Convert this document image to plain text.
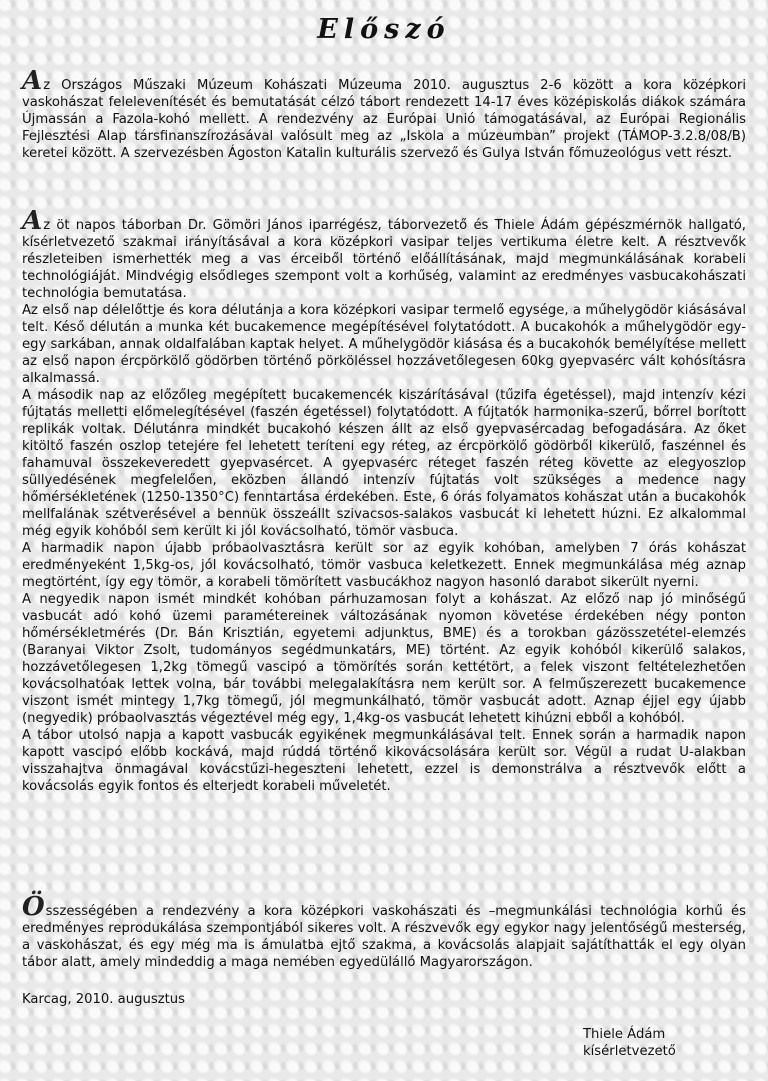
Előszó

Az Országos Műszaki Múzeum Kohászati Múzeuma 2010. augusztus 2-6 között a kora középkori vaskohászat felelevenítését és bemutatását célzó tábort rendezett 14-17 éves középiskolás diákok számára Újmassán a Fazola-kohó mellett. A rendezvény az Európai Unió támogatásával, az Európai Regionális Fejlesztési Alap társfinanszírozásával valósult meg az „Iskola a múzeumban” projekt (TÁMOP-3.2.8/08/B) keretei között. A szervezésben Ágoston Katalin kulturális szervező és Gulya István főmuzeológus vett részt.

Az öt napos táborban Dr. Gömöri János iparrégész, táborvezető és Thiele Ádám gépészmérnök hallgató, kísérletvezető szakmai irányításával a kora középkori vasipar teljes vertikuma életre kelt. A résztvevők részleteiben ismerhették meg a vas érceiből történő előállításának, majd megmunkálásának korabeli technológiáját. Mindvégig elsődleges szempont volt a korhűség, valamint az eredményes vasbucakohászati technológia bemutatása.

Az első nap délelőttje és kora délutánja a kora középkori vasipar termelő egysége, a műhelygödör kiásásával telt. Késő délután a munka két bucakemence megépítésével folytatódott. A bucakohók a műhelygödör egy-egy sarkában, annak oldalfalában kaptak helyet. A műhelygödör kiásása és a bucakohók bemélyítése mellett az első napon ércpörkölő gödörben történő pörköléssel hozzávetőlegesen 60kg gyepvasérc vált kohósításra alkalmassá.

A második nap az előzőleg megépített bucakemencék kiszárításával (tűzifa égetéssel), majd intenzív kézi fújtatás melletti előmelegítésével (faszén égetéssel) folytatódott. A fújtatók harmonika-szerű, bőrrel borított replikák voltak. Délutánra mindkét bucakohó készen állt az első gyepvasércadag befogadására. Az őket kitöltő faszén oszlop tetejére fel lehetett teríteni egy réteg, az ércpörkölő gödörből kikerülő, faszénnel és fahamuval összekeveredett gyepvasércet. A gyepvasérc réteget faszén réteg követte az elegyoszlop süllyedésének megfelelően, eközben állandó intenzív fújtatás volt szükséges a medence nagy hőmérsékletének (1250-1350°C) fenntartása érdekében. Este, 6 órás folyamatos kohászat után a bucakohók mellfalának szétverésével a bennük összeállt szivacsos-salakos vasbucát ki lehetett húzni. Ez alkalommal még egyik kohóból sem került ki jól kovácsolható, tömör vasbuca.

A harmadik napon újabb próbaolvasztásra került sor az egyik kohóban, amelyben 7 órás kohászat eredményeként 1,5kg-os, jól kovácsolható, tömör vasbuca keletkezett. Ennek megmunkálása még aznap megtörtént, így egy tömör, a korabeli tömörített vasbucákhoz nagyon hasonló darabot sikerült nyerni.

A negyedik napon ismét mindkét kohóban párhuzamosan folyt a kohászat. Az előző nap jó minőségű vasbucát adó kohó üzemi paramétereinek változásának nyomon követése érdekében négy ponton hőmérsékletmérés (Dr. Bán Krisztián, egyetemi adjunktus, BME) és a torokban gázösszetétel-elemzés (Baranyai Viktor Zsolt, tudományos segédmunkatárs, ME) történt. Az egyik kohóból kikerülő salakos, hozzávetőlegesen 1,2kg tömegű vascipó a tömörítés során kettétört, a felek viszont feltételezhetően kovácsolhatóak lettek volna, bár további melegalakításra nem került sor. A felműszerezett bucakemence viszont ismét mintegy 1,7kg tömegű, jól megmunkálható, tömör vasbucát adott. Aznap éjjel egy újabb (negyedik) próbaolvasztás végeztével még egy, 1,4kg-os vasbucát lehetett kihúzni ebből a kohóból.

A tábor utolsó napja a kapott vasbucák egyikének megmunkálásával telt. Ennek során a harmadik napon kapott vascipó előbb kockává, majd rúddá történő kikovácsolására került sor. Végül a rudat U-alakban visszahajtva önmagával kovácstűzi-hegeszteni lehetett, ezzel is demonstrálva a résztvevők előtt a kovácsolás egyik fontos és elterjedt korabeli műveletét.

Összességében a rendezvény a kora középkori vaskohászati és –megmunkálási technológia korhű és eredményes reprodukálása szempontjából sikeres volt. A részvevők egy egykor nagy jelentőségű mesterség, a vaskohászat, és egy még ma is ámulatba ejtő szakma, a kovácsolás alapjait sajátíthatták el egy olyan tábor alatt, amely mindeddig a maga nemében egyedülálló Magyarországon.

Karcag, 2010. augusztus
Thiele Ádám
kísérletvezető
